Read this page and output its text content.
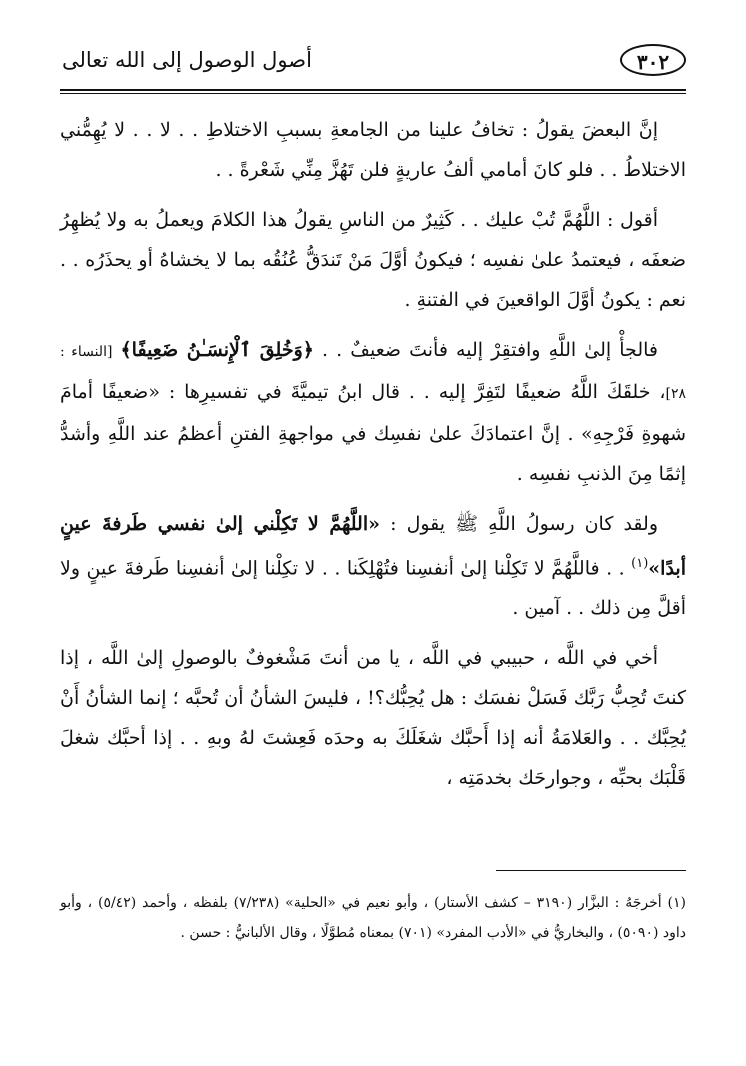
٣٠٢
أصول الوصول إلى الله تعالى

إنَّ البعضَ يقولُ : تخافُ علينا من الجامعةِ بسببِ الاختلاطِ . . لا . . لا يُهِمُّني الاختلاطُ . . فلو كانَ أمامي ألفُ عاريةٍ فلن تَهُزَّ مِنِّي شَعْرةً . .

أقول : اللَّهُمَّ تُبْ عليك . . كَثِيرٌ من الناسِ يقولُ هذا الكلامَ ويعملُ به ولا يُظهِرُ ضعفَه ، فيعتمدُ علىٰ نفسِه ؛ فيكونُ أوَّلَ مَنْ تَندَقُّ عُنُقُه بما لا يخشاهُ أو يحذَرُه . . نعم : يكونُ أوَّلَ الواقعينَ في الفتنةِ .

فالجأْ إلىٰ اللَّهِ وافتقِرْ إليه فأنتَ ضعيفٌ . . ﴿وَخُلِقَ ٱلْإِنسَـٰنُ ضَعِيفًا﴾ [النساء : ٢٨]، خلقَكَ اللَّهُ ضعيفًا لتَفِرَّ إليه . . قال ابنُ تيميَّةَ في تفسيرِها : «ضعيفًا أمامَ شهوةِ فَرْجِهِ» . إنَّ اعتمادَكَ علىٰ نفسِك في مواجهةِ الفتنِ أعظمُ عند اللَّهِ وأشدُّ إثمًا مِنَ الذنبِ نفسِه .

ولقد كان رسولُ اللَّهِ ﷺ يقول : «اللَّهُمَّ لا تَكِلْني إلىٰ نفسي طَرفةَ عينٍ أبدًا»$^{(١)}$ . . فاللَّهُمَّ لا تَكِلْنا إلىٰ أنفسِنا فتُهْلِكَنا . . لا تكِلْنا إلىٰ أنفسِنا طَرفةَ عينٍ ولا أقلَّ مِن ذلك . . آمين .

أخي في اللَّه ، حبيبي في اللَّه ، يا من أنتَ مَشْغوفٌ بالوصولِ إلىٰ اللَّه ، إذا كنتَ تُحِبُّ رَبَّك فَسَلْ نفسَك : هل يُحِبُّك؟! ، فليسَ الشأنُ أن تُحبَّه ؛ إنما الشأنُ أَنْ يُحِبَّك . . والعَلامَةُ أنه إذا أَحبَّك شغَلَكَ به وحدَه فَعِشتَ لهُ وبهِ . . إذا أحبَّك شغلَ قَلْبَك بحبِّه ، وجوارحَك بخدمَتِه ،

(١) أخرجَهُ : البزَّار (٣١٩٠ – كشف الأستار) ، وأبو نعيم في «الحلية» (٧/٢٣٨) بلفظه ، وأحمد (٥/٤٢) ، وأبو داود (٥٠٩٠) ، والبخاريُّ في «الأدب المفرد» (٧٠١) بمعناه مُطوَّلًا ، وقال الألبانيُّ : حسن .
